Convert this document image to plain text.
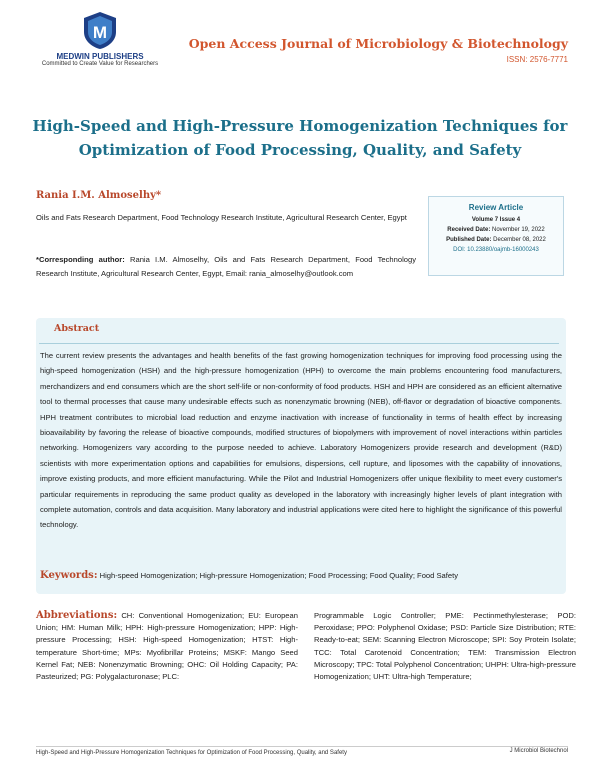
M
MEDWIN PUBLISHERS
Committed to Create Value for Researchers
Open Access Journal of Microbiology & Biotechnology
ISSN: 2576-7771
High-Speed and High-Pressure Homogenization Techniques for Optimization of Food Processing, Quality, and Safety
Rania I.M. Almoselhy*
Oils and Fats Research Department, Food Technology Research Institute, Agricultural Research Center, Egypt
*Corresponding author: Rania I.M. Almoselhy, Oils and Fats Research Department, Food Technology Research Institute, Agricultural Research Center, Egypt, Email: rania_almoselhy@outlook.com
Review Article
Volume 7 Issue 4
Received Date: November 19, 2022
Published Date: December 08, 2022
DOI: 10.23880/oajmb-16000243
Abstract

The current review presents the advantages and health benefits of the fast growing homogenization techniques for improving food processing using the high-speed homogenization (HSH) and the high-pressure homogenization (HPH) to overcome the main problems encountering food manufacturers, merchandizers and end consumers which are the short self-life or non-conformity of food products. HSH and HPH are considered as an efficient alternative tool to thermal processes that cause many undesirable effects such as nonenzymatic browning (NEB), off-flavor or degradation of bioactive components. HPH treatment contributes to microbial load reduction and enzyme inactivation with increase of functionality in terms of health effect by increasing bioavailability by favoring the release of bioactive compounds, modified structures of biopolymers with improvement of novel interactions within particles networking. Homogenizers vary according to the purpose needed to achieve. Laboratory Homogenizers provide research and development (R&D) scientists with more experimentation options and capabilities for emulsions, dispersions, cell rupture, and liposomes with the capability of innovations, improve existing products, and more efficient manufacturing. While the Pilot and Industrial Homogenizers offer unique flexibility to meet every customer's particular requirements in reproducing the same product quality as developed in the laboratory with increasingly higher levels of plant integration with complete automation, controls and data acquisition. Many laboratory and industrial applications were cited here to highlight the significance of this powerful technology.

Keywords: High-speed Homogenization; High-pressure Homogenization; Food Processing; Food Quality; Food Safety
Abbreviations: CH: Conventional Homogenization; EU: European Union; HM: Human Milk; HPH: High-pressure Homogenization; HPP: High-pressure Processing; HSH: High-speed Homogenization; HTST: High-temperature Short-time; MPs: Myofibrillar Proteins; MSKF: Mango Seed Kernel Fat; NEB: Nonenzymatic Browning; OHC: Oil Holding Capacity; PA: Pasteurized; PG: Polygalacturonase; PLC:
Programmable Logic Controller; PME: Pectinmethylesterase; POD: Peroxidase; PPO: Polyphenol Oxidase; PSD: Particle Size Distribution; RTE: Ready-to-eat; SEM: Scanning Electron Microscope; SPI: Soy Protein Isolate; TCC: Total Carotenoid Concentration; TEM: Transmission Electron Microscopy; TPC: Total Polyphenol Concentration; UHPH: Ultra-high-pressure Homogenization; UHT: Ultra-high Temperature;
High-Speed and High-Pressure Homogenization Techniques for Optimization of Food Processing, Quality, and Safety	J Microbiol Biotechnol
